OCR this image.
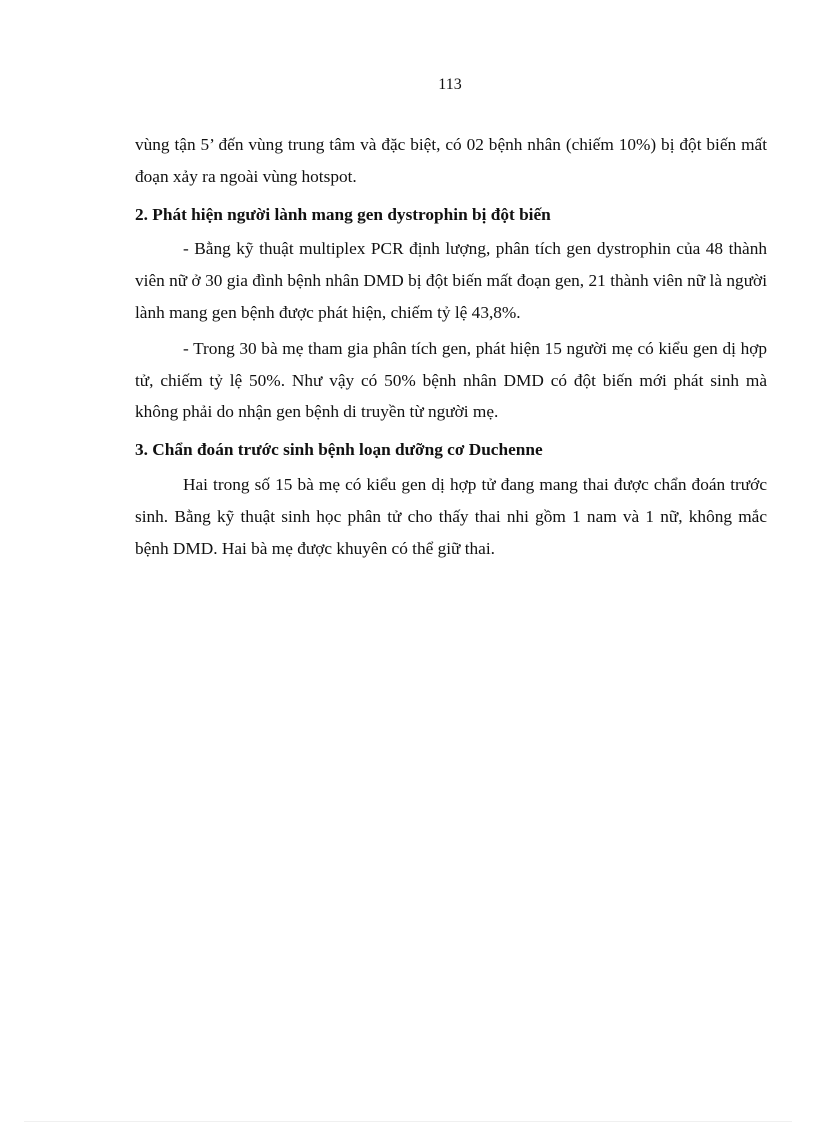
113

vùng tận 5’ đến vùng trung tâm và đặc biệt, có 02 bệnh nhân (chiếm 10%) bị đột biến mất đoạn xảy ra ngoài vùng hotspot.

2. Phát hiện người lành mang gen dystrophin bị đột biến

- Bằng kỹ thuật multiplex PCR định lượng, phân tích gen dystrophin của 48 thành viên nữ ở 30 gia đình bệnh nhân DMD bị đột biến mất đoạn gen, 21 thành viên nữ là người lành mang gen bệnh được phát hiện, chiếm tỷ lệ 43,8%.

- Trong 30 bà mẹ tham gia phân tích gen, phát hiện 15 người mẹ có kiểu gen dị hợp tử, chiếm tỷ lệ 50%. Như vậy có 50% bệnh nhân DMD có đột biến mới phát sinh mà không phải do nhận gen bệnh di truyền từ người mẹ.

3. Chẩn đoán trước sinh bệnh loạn dưỡng cơ Duchenne

Hai trong số 15 bà mẹ có kiểu gen dị hợp tử đang mang thai được chẩn đoán trước sinh. Bằng kỹ thuật sinh học phân tử cho thấy thai nhi gồm 1 nam và 1 nữ, không mắc bệnh DMD. Hai bà mẹ được khuyên có thể giữ thai.
